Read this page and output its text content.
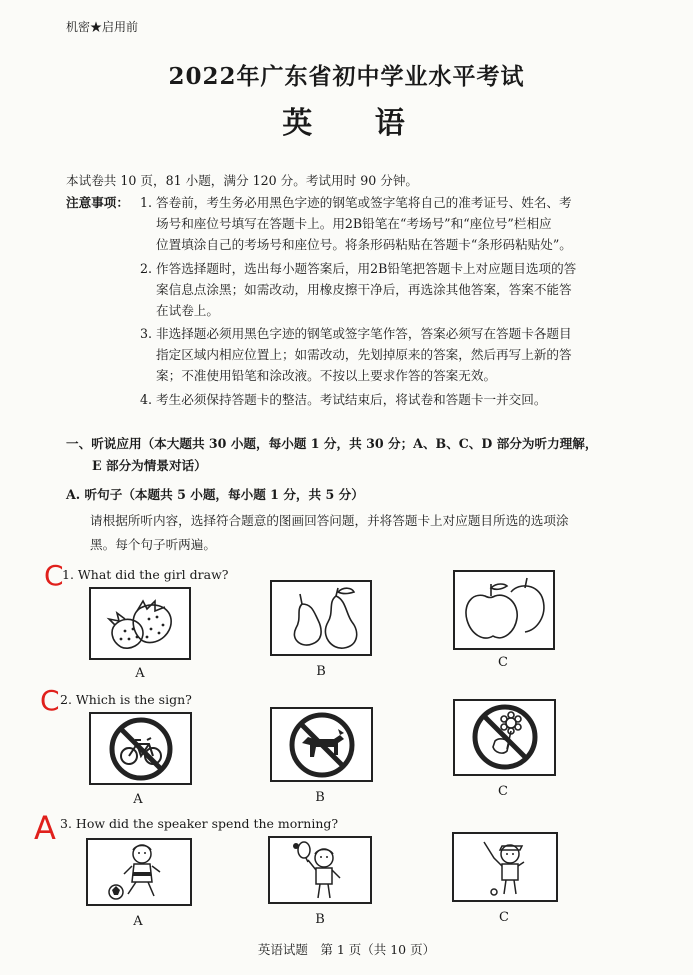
机密★启用前
2022年广东省初中学业水平考试
英 语
本试卷共 10 页，81 小题，满分 120 分。考试用时 90 分钟。
注意事项： 1. 答卷前，考生务必用黑色字迹的钢笔或签字笔将自己的准考证号、姓名、考
场号和座位号填写在答题卡上。用2B铅笔在“考场号”和“座位号”栏相应
位置填涂自己的考场号和座位号。将条形码粘贴在答题卡“条形码粘贴处”。
2. 作答选择题时，选出每小题答案后，用2B铅笔把答题卡上对应题目选项的答
案信息点涂黑；如需改动，用橡皮擦干净后，再选涂其他答案，答案不能答
在试卷上。
3. 非选择题必须用黑色字迹的钢笔或签字笔作答，答案必须写在答题卡各题目
指定区域内相应位置上；如需改动，先划掉原来的答案，然后再写上新的答
案；不准使用铅笔和涂改液。不按以上要求作答的答案无效。
4. 考生必须保持答题卡的整洁。考试结束后，将试卷和答题卡一并交回。
一、听说应用（本大题共 30 小题，每小题 1 分，共 30 分；A、B、C、D 部分为听力理解，
E 部分为情景对话）
A. 听句子（本题共 5 小题，每小题 1 分，共 5 分）
请根据所听内容，选择符合题意的图画回答问题，并将答题卡上对应题目所选的选项涂
黑。每个句子听两遍。
C
1. What did the girl draw?
A	B
C
C 2. Which is the sign?
A	B	C
A 3. How did the speaker spend the morning?
A	B	C
英语试题　第 1 页（共 10 页）
